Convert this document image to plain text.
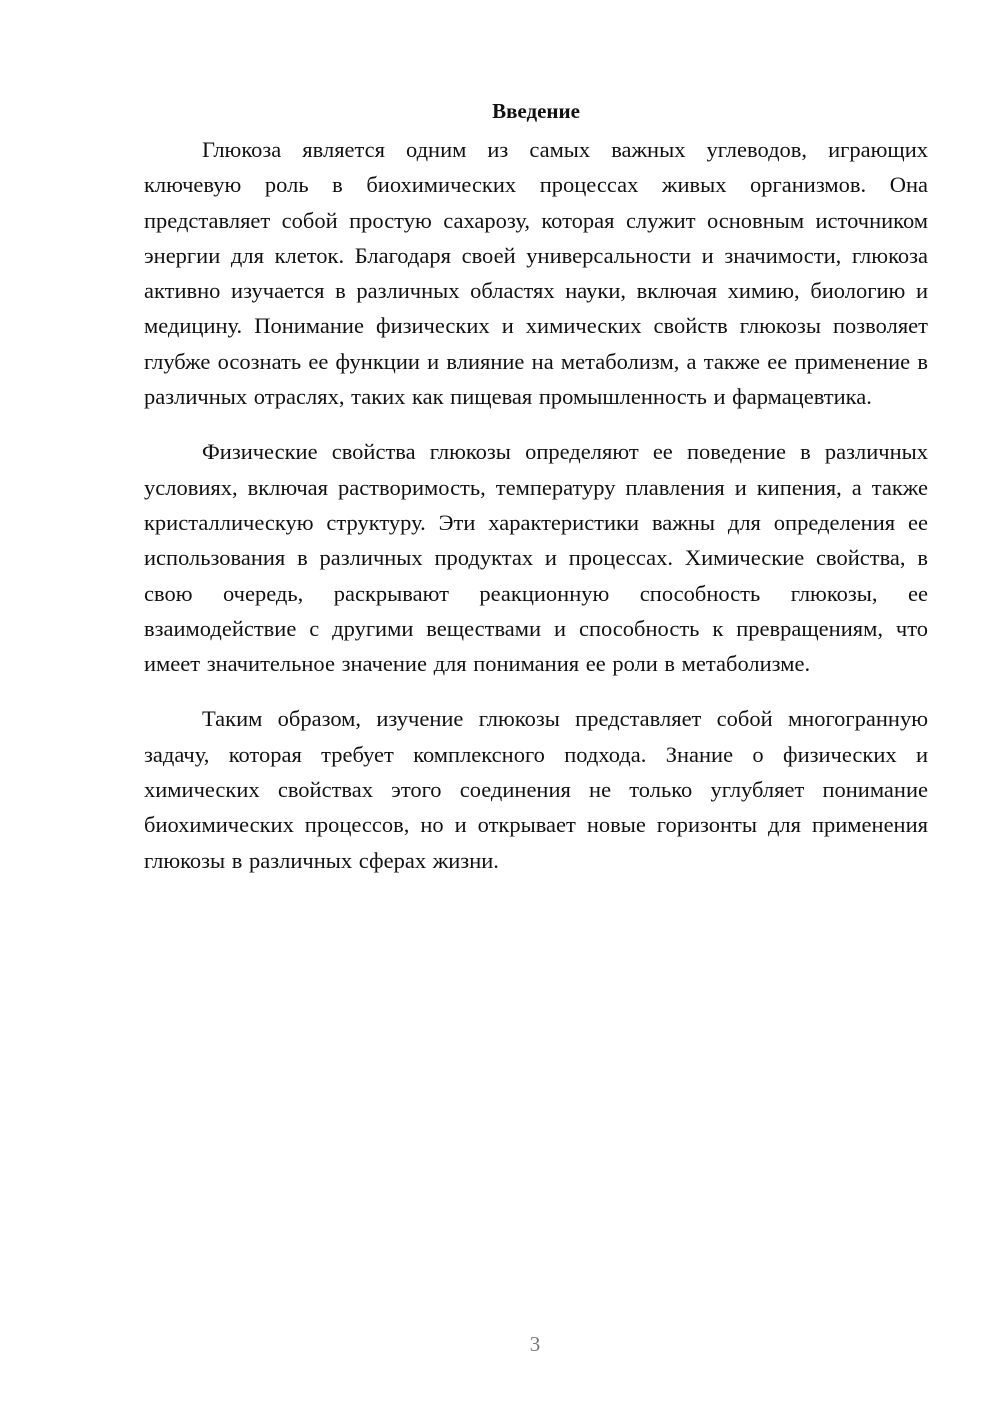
Введение

Глюкоза является одним из самых важных углеводов, играющих ключевую роль в биохимических процессах живых организмов. Она представляет собой простую сахарозу, которая служит основным источником энергии для клеток. Благодаря своей универсальности и значимости, глюкоза активно изучается в различных областях науки, включая химию, биологию и медицину. Понимание физических и химических свойств глюкозы позволяет глубже осознать ее функции и влияние на метаболизм, а также ее применение в различных отраслях, таких как пищевая промышленность и фармацевтика.

Физические свойства глюкозы определяют ее поведение в различных условиях, включая растворимость, температуру плавления и кипения, а также кристаллическую структуру. Эти характеристики важны для определения ее использования в различных продуктах и процессах. Химические свойства, в свою очередь, раскрывают реакционную способность глюкозы, ее взаимодействие с другими веществами и способность к превращениям, что имеет значительное значение для понимания ее роли в метаболизме.

Таким образом, изучение глюкозы представляет собой многогранную задачу, которая требует комплексного подхода. Знание о физических и химических свойствах этого соединения не только углубляет понимание биохимических процессов, но и открывает новые горизонты для применения глюкозы в различных сферах жизни.

3
